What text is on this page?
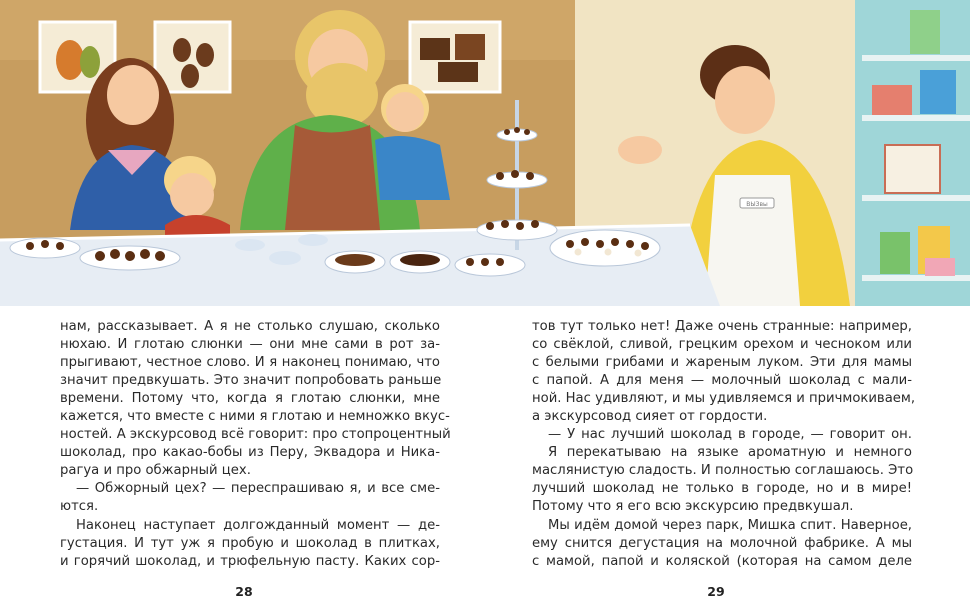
ВЫЗвы
нам, рассказывает. А я не столько слушаю, сколько
нюхаю. И глотаю слюнки — они мне сами в рот за-
прыгивают, честное слово. И я наконец понимаю, что
значит предвкушать. Это значит попробовать раньше
времени. Потому что, когда я глотаю слюнки, мне
кажется, что вместе с ними я глотаю и немножко вкус-
ностей. А экскурсовод всё говорит: про стопроцентный
шоколад, про какао-бобы из Перу, Эквадора и Ника-
рагуа и про обжарный цех.
— Обжорный цех? — переспрашиваю я, и все сме-
ются.
Наконец наступает долгожданный момент — де-
густация. И тут уж я пробую и шоколад в плитках,
и горячий шоколад, и трюфельную пасту. Каких сор-
тов тут только нет! Даже очень странные: например,
со свёклой, сливой, грецким орехом и чесноком или
с белыми грибами и жареным луком. Эти для мамы
с папой. А для меня — молочный шоколад с мали-
ной. Нас удивляют, и мы удивляемся и причмокиваем,
а экскурсовод сияет от гордости.
— У нас лучший шоколад в городе, — говорит он.
Я перекатываю на языке ароматную и немного
маслянистую сладость. И полностью соглашаюсь. Это
лучший шоколад не только в городе, но и в мире!
Потому что я его всю экскурсию предвкушал.
Мы идём домой через парк, Мишка спит. Наверное,
ему снится дегустация на молочной фабрике. А мы
с мамой, папой и коляской (которая на самом деле
28	29
